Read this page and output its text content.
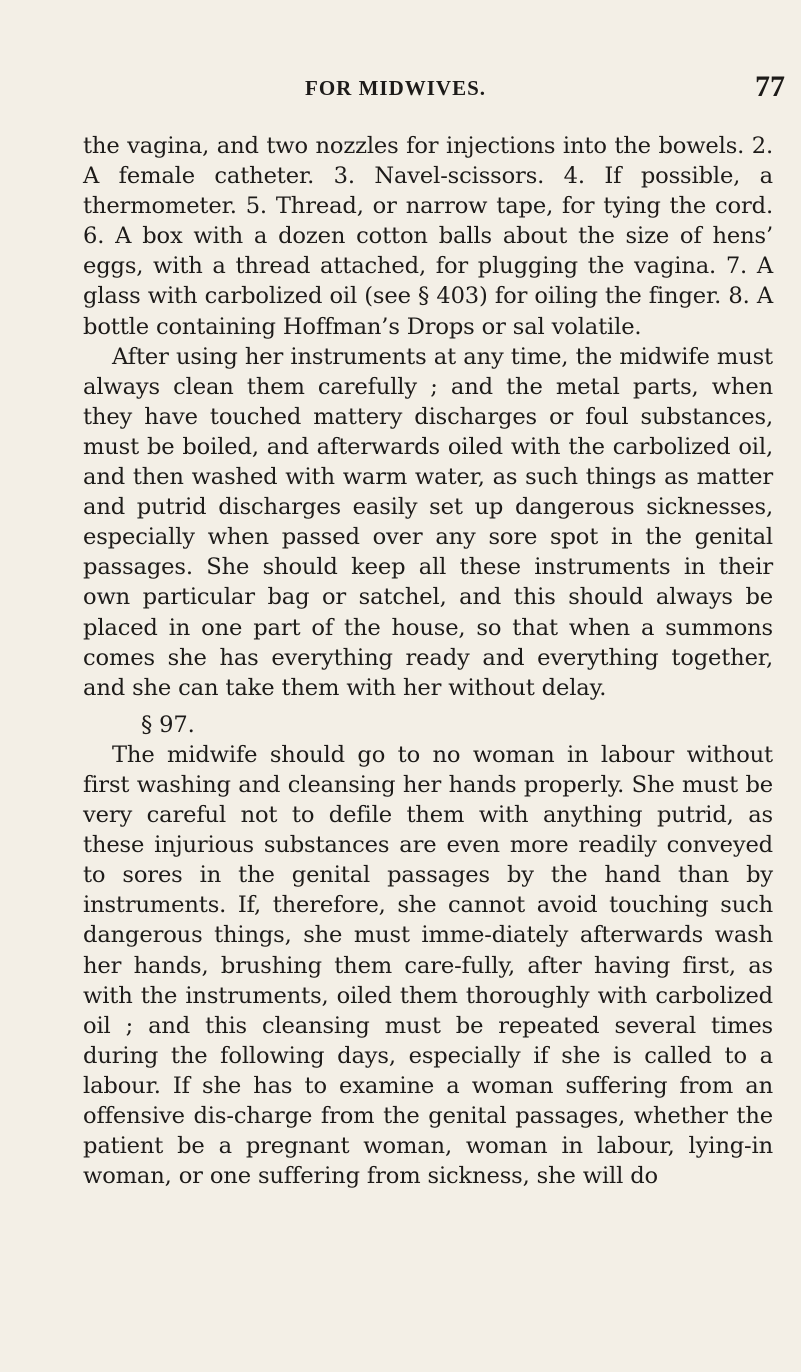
FOR MIDWIVES.	77

the vagina, and two nozzles for injections into the bowels. 2. A female catheter. 3. Navel-scissors. 4. If possible, a thermometer. 5. Thread, or narrow tape, for tying the cord. 6. A box with a dozen cotton balls about the size of hens’ eggs, with a thread attached, for plugging the vagina. 7. A glass with carbolized oil (see § 403) for oiling the finger. 8. A bottle containing Hoffman’s Drops or sal volatile.

After using her instruments at any time, the midwife must always clean them carefully ; and the metal parts, when they have touched mattery discharges or foul substances, must be boiled, and afterwards oiled with the carbolized oil, and then washed with warm water, as such things as matter and putrid discharges easily set up dangerous sicknesses, especially when passed over any sore spot in the genital passages. She should keep all these instruments in their own particular bag or satchel, and this should always be placed in one part of the house, so that when a summons comes she has everything ready and everything together, and she can take them with her without delay.

§ 97.

The midwife should go to no woman in labour without first washing and cleansing her hands properly. She must be very careful not to defile them with anything putrid, as these injurious substances are even more readily conveyed to sores in the genital passages by the hand than by instruments. If, therefore, she cannot avoid touching such dangerous things, she must imme-diately afterwards wash her hands, brushing them care-fully, after having first, as with the instruments, oiled them thoroughly with carbolized oil ; and this cleansing must be repeated several times during the following days, especially if she is called to a labour. If she has to examine a woman suffering from an offensive dis-charge from the genital passages, whether the patient be a pregnant woman, woman in labour, lying-in woman, or one suffering from sickness, she will do
